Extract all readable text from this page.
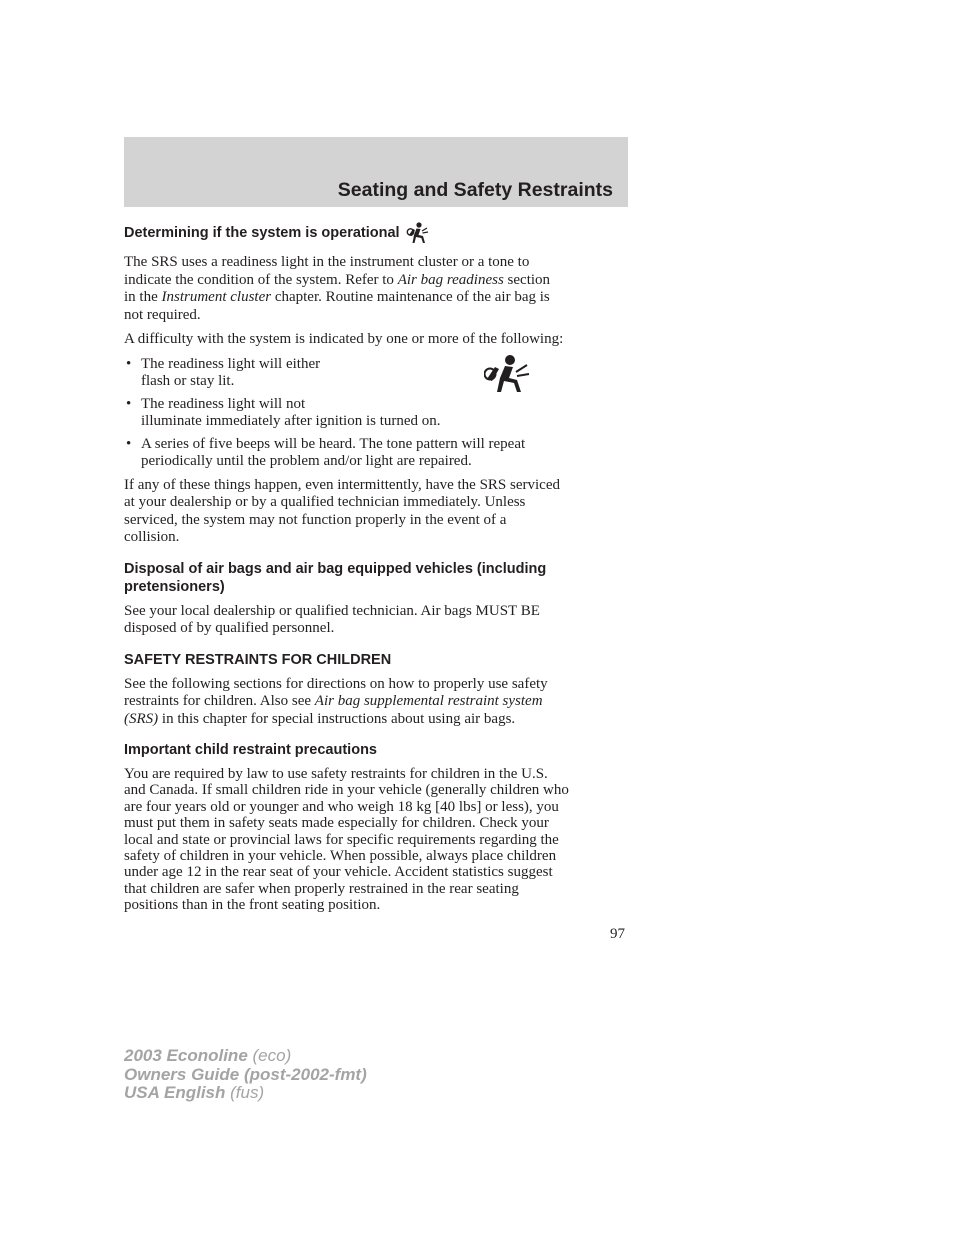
Seating and Safety Restraints
Determining if the system is operational

The SRS uses a readiness light in the instrument cluster or a tone to
indicate the condition of the system. Refer to Air bag readiness section
in the Instrument cluster chapter. Routine maintenance of the air bag is
not required.

A difficulty with the system is indicated by one or more of the following:

• The readiness light will either
flash or stay lit.
• The readiness light will not
illuminate immediately after ignition is turned on.
• A series of five beeps will be heard. The tone pattern will repeat
periodically until the problem and/or light are repaired.

If any of these things happen, even intermittently, have the SRS serviced
at your dealership or by a qualified technician immediately. Unless
serviced, the system may not function properly in the event of a
collision.

Disposal of air bags and air bag equipped vehicles (including
pretensioners)

See your local dealership or qualified technician. Air bags MUST BE
disposed of by qualified personnel.

SAFETY RESTRAINTS FOR CHILDREN

See the following sections for directions on how to properly use safety
restraints for children. Also see Air bag supplemental restraint system
(SRS) in this chapter for special instructions about using air bags.

Important child restraint precautions

You are required by law to use safety restraints for children in the U.S.
and Canada. If small children ride in your vehicle (generally children who
are four years old or younger and who weigh 18 kg [40 lbs] or less), you
must put them in safety seats made especially for children. Check your
local and state or provincial laws for specific requirements regarding the
safety of children in your vehicle. When possible, always place children
under age 12 in the rear seat of your vehicle. Accident statistics suggest
that children are safer when properly restrained in the rear seating
positions than in the front seating position.

97
2003 Econoline (eco)
Owners Guide (post-2002-fmt)
USA English (fus)
